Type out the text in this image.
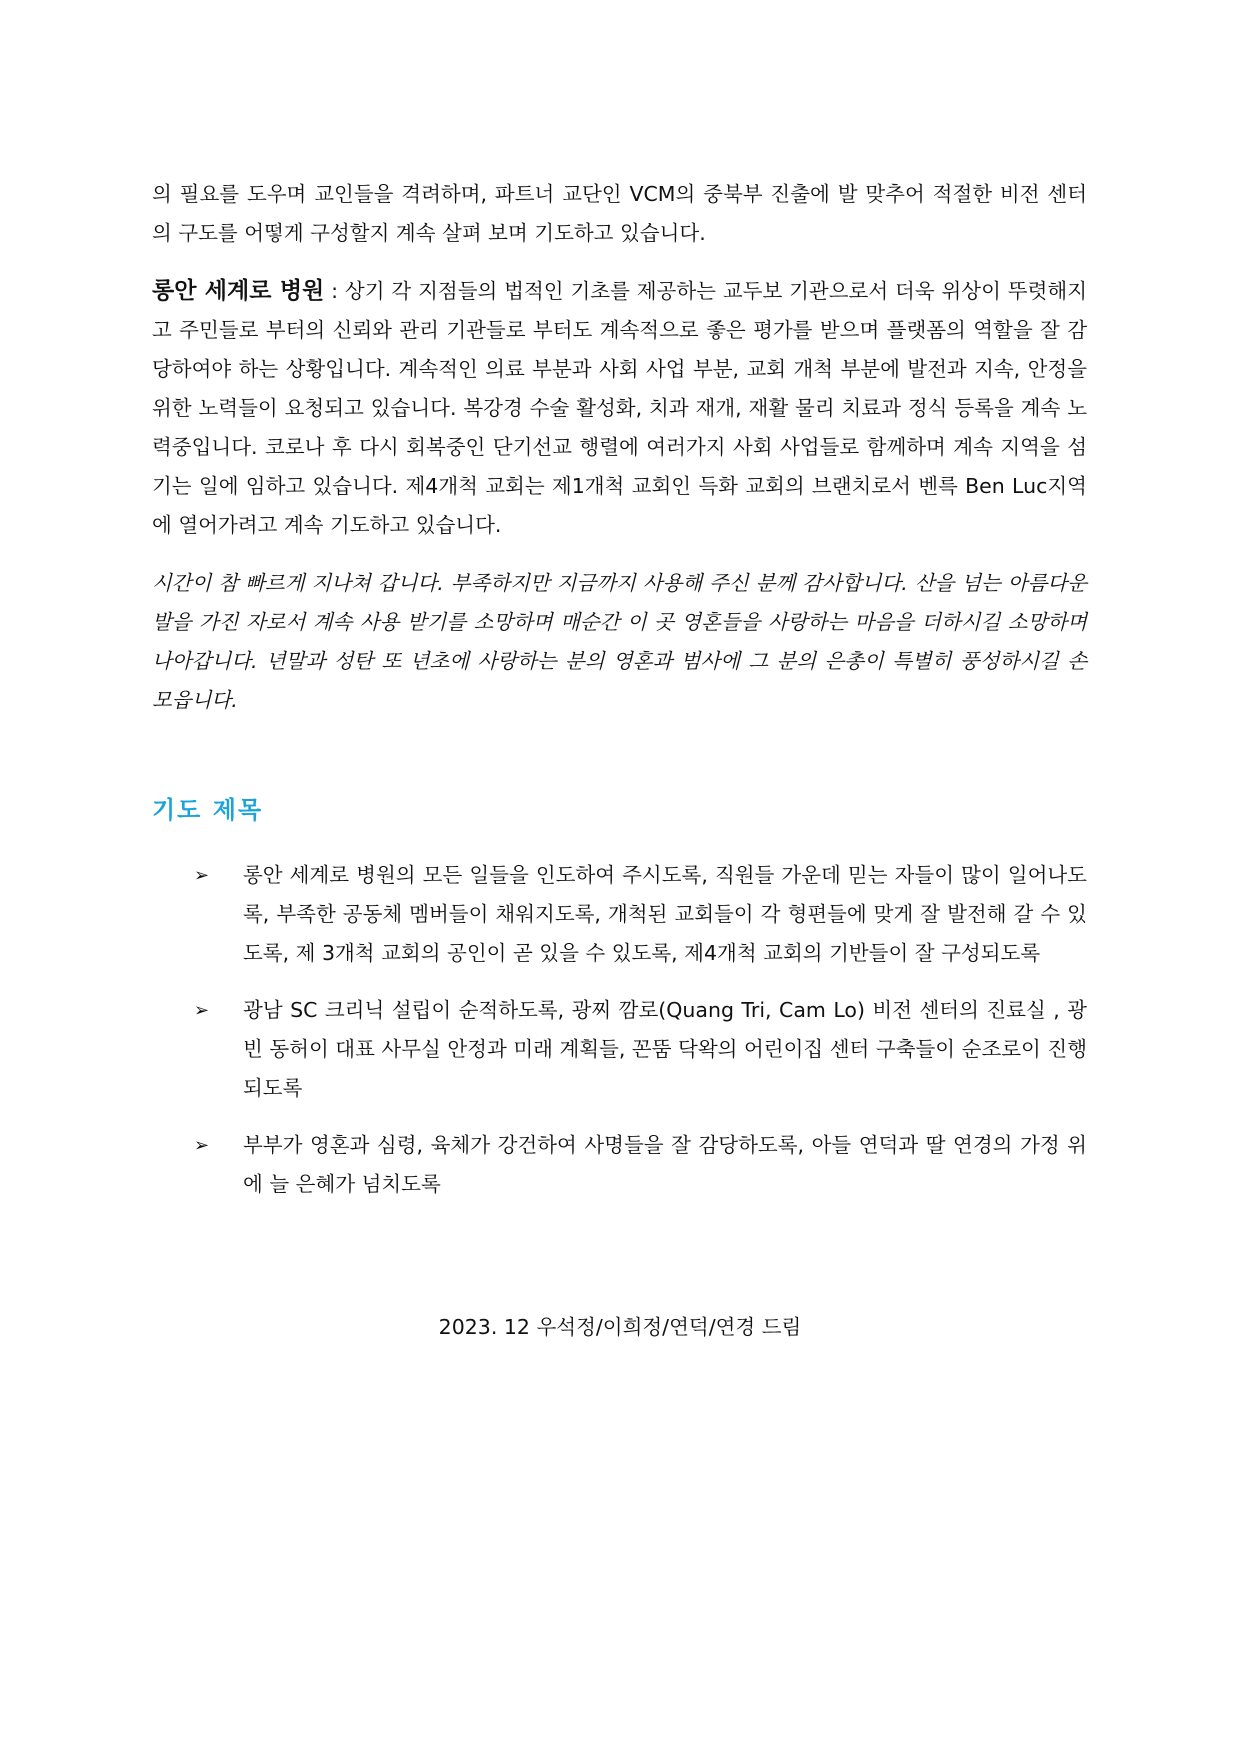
의 필요를 도우며 교인들을 격려하며, 파트너 교단인 VCM의 중북부 진출에 발 맞추어 적절한 비전 센터의 구도를 어떻게 구성할지 계속 살펴 보며 기도하고 있습니다.

롱안 세계로 병원 : 상기 각 지점들의 법적인 기초를 제공하는 교두보 기관으로서 더욱 위상이 뚜렷해지고 주민들로 부터의 신뢰와 관리 기관들로 부터도 계속적으로 좋은 평가를 받으며 플랫폼의 역할을 잘 감당하여야 하는 상황입니다. 계속적인 의료 부분과 사회 사업 부분, 교회 개척 부분에 발전과 지속, 안정을 위한 노력들이 요청되고 있습니다. 복강경 수술 활성화, 치과 재개, 재활 물리 치료과 정식 등록을 계속 노력중입니다. 코로나 후 다시 회복중인 단기선교 행렬에 여러가지 사회 사업들로 함께하며 계속 지역을 섬기는 일에 임하고 있습니다. 제4개척 교회는 제1개척 교회인 득화 교회의 브랜치로서 벤륵 Ben Luc지역에 열어가려고 계속 기도하고 있습니다.

시간이 참 빠르게 지나쳐 갑니다. 부족하지만 지금까지 사용해 주신 분께 감사합니다. 산을 넘는 아름다운 발을 가진 자로서 계속 사용 받기를 소망하며 매순간 이 곳 영혼들을 사랑하는 마음을 더하시길 소망하며 나아갑니다. 년말과 성탄 또 년초에 사랑하는 분의 영혼과 범사에 그 분의 은총이 특별히 풍성하시길 손 모읍니다.

기도 제목
➢ 롱안 세계로 병원의 모든 일들을 인도하여 주시도록, 직원들 가운데 믿는 자들이 많이 일어나도록, 부족한 공동체 멤버들이 채워지도록, 개척된 교회들이 각 형편들에 맞게 잘 발전해 갈 수 있도록, 제 3개척 교회의 공인이 곧 있을 수 있도록, 제4개척 교회의 기반들이 잘 구성되도록
➢ 광남 SC 크리닉 설립이 순적하도록, 광찌 깜로(Quang Tri, Cam Lo) 비전 센터의 진료실 , 광빈 동허이 대표 사무실 안정과 미래 계획들, 꼰뚬 닥왁의 어린이집 센터 구축들이 순조로이 진행되도록
➢ 부부가 영혼과 심령, 육체가 강건하여 사명들을 잘 감당하도록, 아들 연덕과 딸 연경의 가정 위에 늘 은혜가 넘치도록

2023. 12 우석정/이희정/연덕/연경 드림
